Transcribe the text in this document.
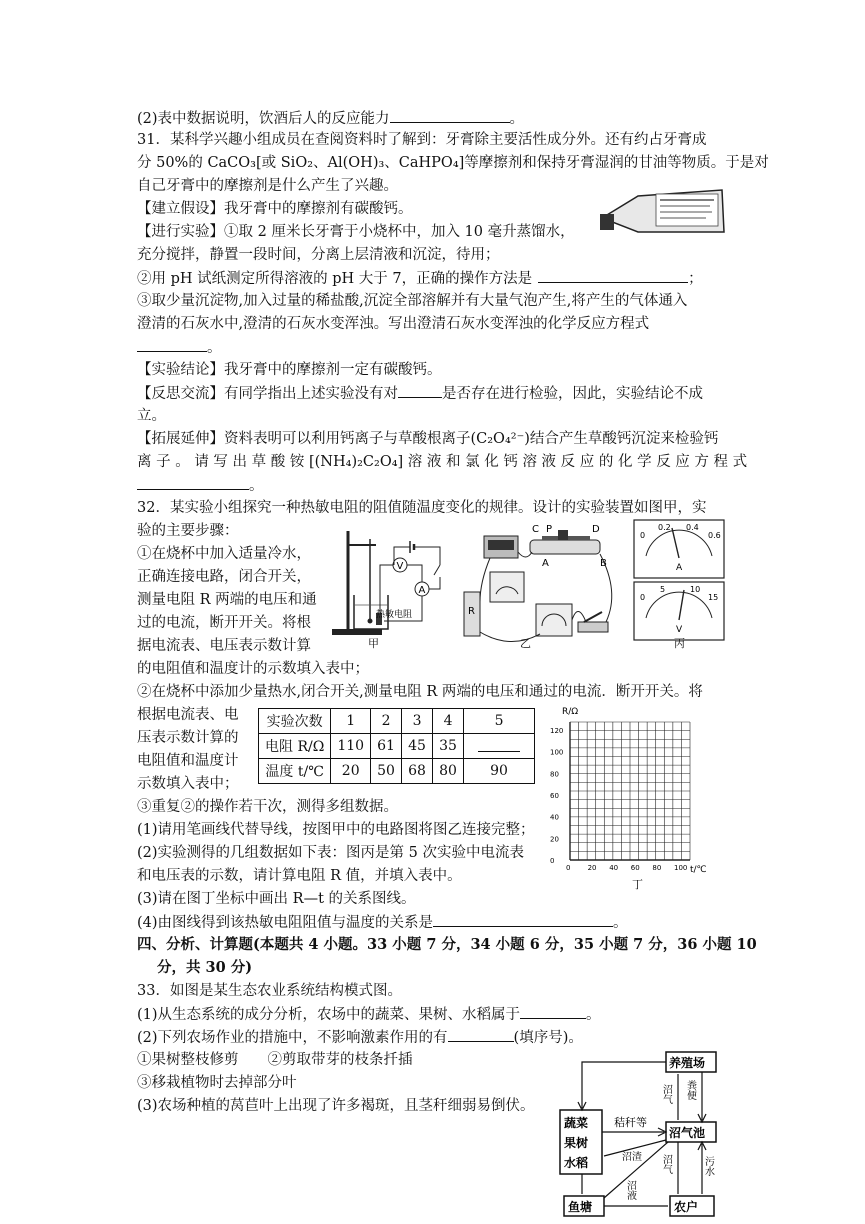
(2)表中数据说明，饮酒后人的反应能力	。
31．某科学兴趣小组成员在查阅资料时了解到：牙膏除主要活性成分外。还有约占牙膏成
分 50%的 CaCO₃[或 SiO₂、Al(OH)₃、CaHPO₄]等摩擦剂和保持牙膏湿润的甘油等物质。于是对
自己牙膏中的摩擦剂是什么产生了兴趣。
【建立假设】我牙膏中的摩擦剂有碳酸钙。
【进行实验】①取 2 厘米长牙膏于小烧杯中，加入 10 毫升蒸馏水，
充分搅拌，静置一段时间，分离上层清液和沉淀，待用；
②用 pH 试纸测定所得溶液的 pH 大于 7，正确的操作方法是	；
③取少量沉淀物,加入过量的稀盐酸,沉淀全部溶解并有大量气泡产生,将产生的气体通入
澄清的石灰水中,澄清的石灰水变浑浊。写出澄清石灰水变浑浊的化学反应方程式
。
【实验结论】我牙膏中的摩擦剂一定有碳酸钙。
【反思交流】有同学指出上述实验没有对	是否存在进行检验，因此，实验结论不成
立。
【拓展延伸】资料表明可以利用钙离子与草酸根离子(C₂O₄²⁻)结合产生草酸钙沉淀来检验钙
离 子 。 请 写 出 草 酸 铵 [(NH₄)₂C₂O₄] 溶 液 和 氯 化 钙 溶 液 反 应 的 化 学 反 应 方 程 式
。
32．某实验小组探究一种热敏电阻的阻值随温度变化的规律。设计的实验装置如图甲，实
验的主要步骤：
①在烧杯中加入适量冷水，
正确连接电路，闭合开关，
测量电阻 R 两端的电压和通
过的电流，断开开关。将根
据电流表、电压表示数计算
的电阻值和温度计的示数填入表中；
②在烧杯中添加少量热水,闭合开关,测量电阻 R 两端的电压和通过的电流．断开开关。将
根据电流表、电
压表示数计算的
电阻值和温度计
示数填入表中；
③重复②的操作若干次，测得多组数据。
(1)请用笔画线代替导线，按图甲中的电路图将图乙连接完整；
(2)实验测得的几组数据如下表：图丙是第 5 次实验中电流表
和电压表的示数，请计算电阻 R 值，并填入表中。
(3)请在图丁坐标中画出 R—t 的关系图线。
(4)由图线得到该热敏电阻阻值与温度的关系是	。
四、分析、计算题(本题共 4 小题。33 小题 7 分，34 小题 6 分，35 小题 7 分，36 小题 10
分，共 30 分)
33．如图是某生态农业系统结构模式图。
(1)从生态系统的成分分析，农场中的蔬菜、果树、水稻属于	。
(2)下列农场作业的措施中，不影响激素作用的有	(填序号)。
①果树整枝修剪　　②剪取带芽的枝条扦插
③移栽植物时去掉部分叶
(3)农场种植的莴苣叶上出现了许多褐斑，且茎秆细弱易倒伏。
V
A
热敏电阻
甲
C P	D
A	B
R
乙
0
0.2 0.4
0.6
A
0
5	10
15
V
丙
实验次数	1	2	3	4	5
电阻 R/Ω	110	61	45	35	
温度 t/℃	20	50	68	80	90
R/Ω
t/℃
丁
0
20
40
60
80
100
120
0 20 40 60 80 100
养殖场
蔬菜
果树
水稻
沼气池
鱼塘	农户
秸秆等
沼气 粪便
沼渣
沼液
沼气	污水
